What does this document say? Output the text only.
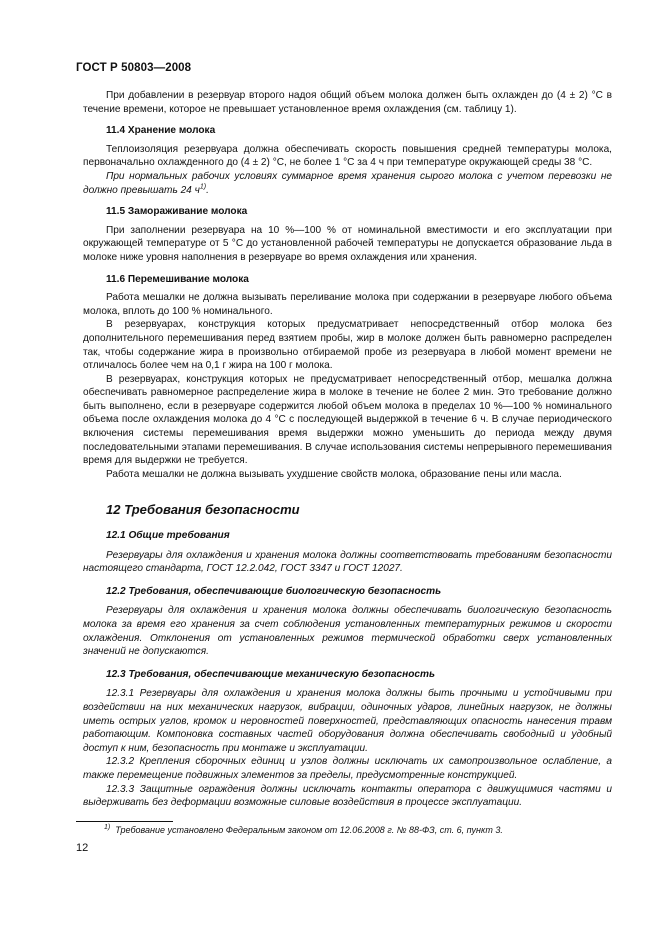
ГОСТ Р 50803—2008

При добавлении в резервуар второго надоя общий объем молока должен быть охлажден до (4 ± 2) °С в течение времени, которое не превышает установленное время охлаждения (см. таблицу 1).

11.4 Хранение молока

Теплоизоляция резервуара должна обеспечивать скорость повышения средней температуры молока, первоначально охлажденного до (4 ± 2) °С, не более 1 °С за 4 ч при температуре окружающей среды 38 °С.

При нормальных рабочих условиях суммарное время хранения сырого молока с учетом перевозки не должно превышать 24 $ч^{1)}$.

11.5 Замораживание молока

При заполнении резервуара на 10 %—100 % от номинальной вместимости и его эксплуатации при окружающей температуре от 5 °С до установленной рабочей температуры не допускается образование льда в молоке ниже уровня наполнения в резервуаре во время охлаждения или хранения.

11.6 Перемешивание молока

Работа мешалки не должна вызывать переливание молока при содержании в резервуаре любого объема молока, вплоть до 100 % номинального.

В резервуарах, конструкция которых предусматривает непосредственный отбор молока без дополнительного перемешивания перед взятием пробы, жир в молоке должен быть равномерно распределен так, чтобы содержание жира в произвольно отбираемой пробе из резервуара в любой момент времени не отличалось более чем на 0,1 г жира на 100 г молока.

В резервуарах, конструкция которых не предусматривает непосредственный отбор, мешалка должна обеспечивать равномерное распределение жира в молоке в течение не более 2 мин. Это требование должно быть выполнено, если в резервуаре содержится любой объем молока в пределах 10 %—100 % номинального объема после охлаждения молока до 4 °С с последующей выдержкой в течение 6 ч. В случае периодического включения системы перемешивания время выдержки можно уменьшить до периода между двумя последовательными этапами перемешивания. В случае использования системы непрерывного перемешивания время для выдержки не требуется.

Работа мешалки не должна вызывать ухудшение свойств молока, образование пены или масла.

12 Требования безопасности
12.1 Общие требования

Резервуары для охлаждения и хранения молока должны соответствовать требованиям безопасности настоящего стандарта, ГОСТ 12.2.042, ГОСТ 3347 и ГОСТ 12027.

12.2 Требования, обеспечивающие биологическую безопасность

Резервуары для охлаждения и хранения молока должны обеспечивать биологическую безопасность молока за время его хранения за счет соблюдения установленных температурных режимов и скорости охлаждения. Отклонения от установленных режимов термической обработки сверх установленных значений не допускаются.

12.3 Требования, обеспечивающие механическую безопасность

12.3.1 Резервуары для охлаждения и хранения молока должны быть прочными и устойчивыми при воздействии на них механических нагрузок, вибрации, одиночных ударов, линейных нагрузок, не должны иметь острых углов, кромок и неровностей поверхностей, представляющих опасность нанесения травм работающим. Компоновка составных частей оборудования должна обеспечивать свободный и удобный доступ к ним, безопасность при монтаже и эксплуатации.

12.3.2 Крепления сборочных единиц и узлов должны исключать их самопроизвольное ослабление, а также перемещение подвижных элементов за пределы, предусмотренные конструкцией.

12.3.3 Защитные ограждения должны исключать контакты оператора с движущимися частями и выдерживать без деформации возможные силовые воздействия в процессе эксплуатации.

$^{1)}$ Требование установлено Федеральным законом от 12.06.2008 г. № 88-ФЗ, ст. 6, пункт 3.
12
